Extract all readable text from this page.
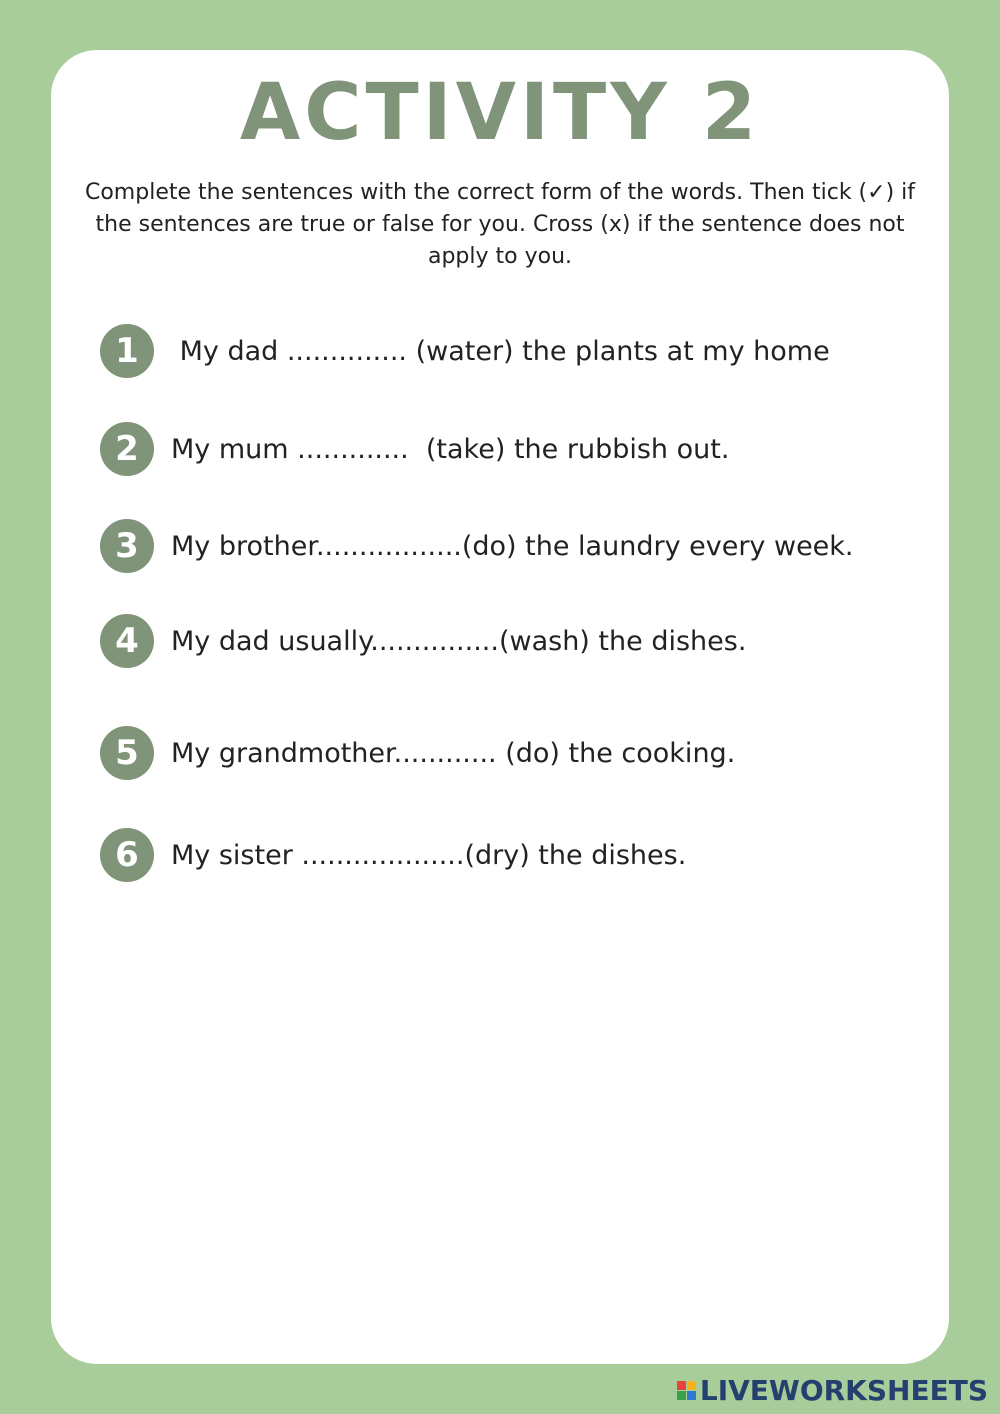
ACTIVITY 2
Complete the sentences with the correct form of the words. Then tick (✓) if the sentences are true or false for you. Cross (x) if the sentence does not apply to you.
1	My dad .............. (water) the plants at my home
2	My mum .............  (take) the rubbish out.
3	My brother.................(do) the laundry every week.
4	My dad usually...............(wash) the dishes.
5	My grandmother............ (do) the cooking.
6	My sister ...................(dry) the dishes.
LIVEWORKSHEETS
